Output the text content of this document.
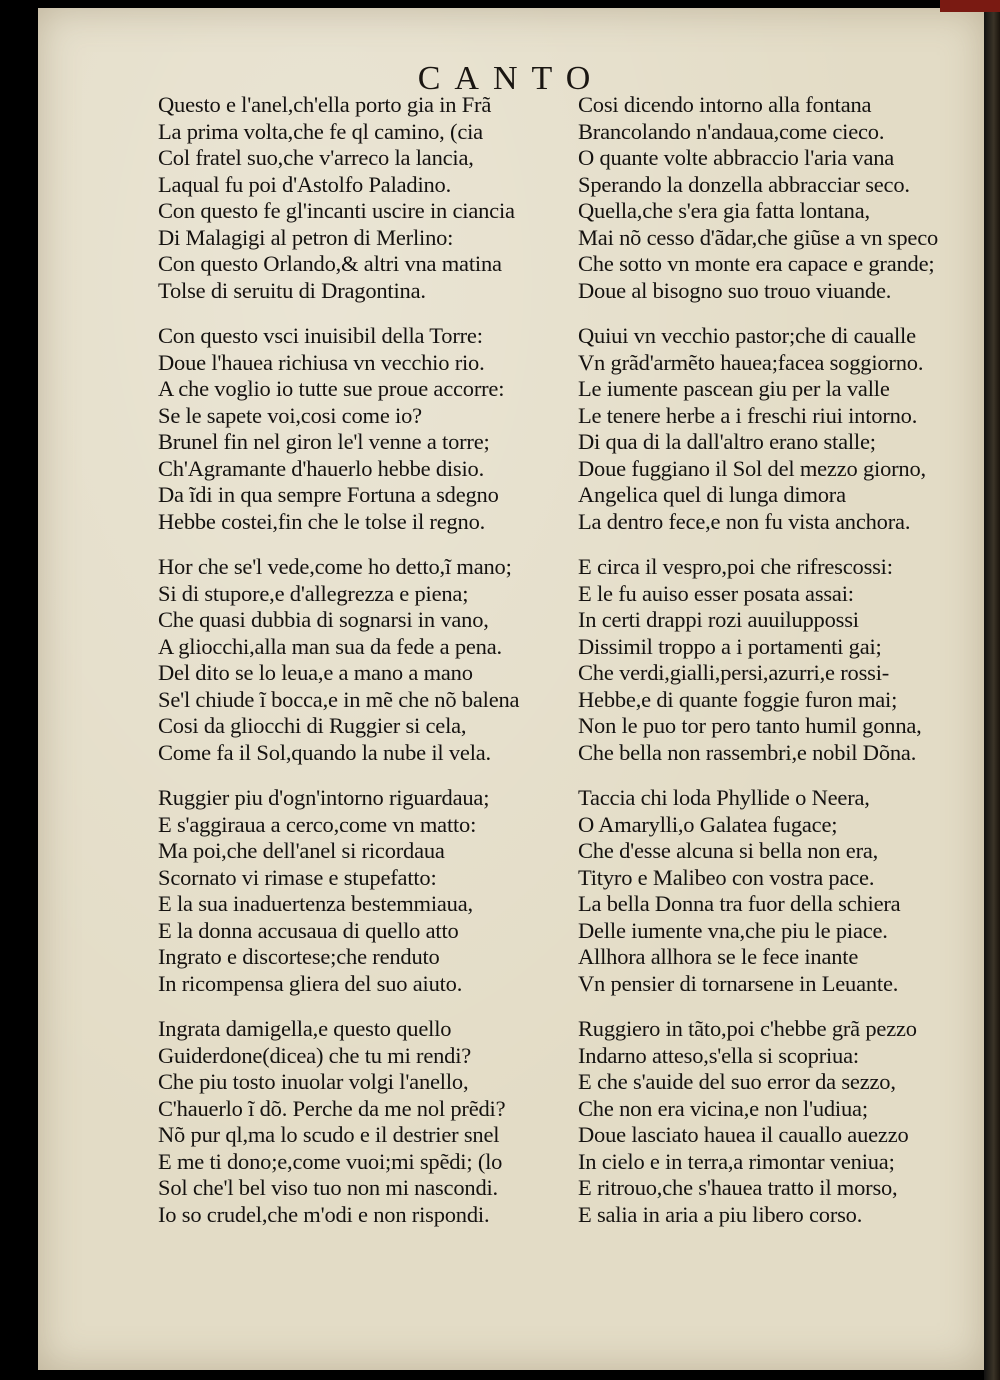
CANTO
Questo e l'anel,ch'ella porto gia in Frã
La prima volta,che fe ql camino, (cia
Col fratel suo,che v'arreco la lancia,
Laqual fu poi d'Astolfo Paladino.
Con questo fe gl'incanti uscire in ciancia
Di Malagigi al petron di Merlino:
Con questo Orlando,& altri vna matina
Tolse di seruitu di Dragontina.
Con questo vsci inuisibil della Torre:
Doue l'hauea richiusa vn vecchio rio.
A che voglio io tutte sue proue accorre:
Se le sapete voi,cosi come io?
Brunel fin nel giron le'l venne a torre;
Ch'Agramante d'hauerlo hebbe disio.
Da ĩdi in qua sempre Fortuna a sdegno
Hebbe costei,fin che le tolse il regno.
Hor che se'l vede,come ho detto,ĩ mano;
Si di stupore,e d'allegrezza e piena;
Che quasi dubbia di sognarsi in vano,
A gliocchi,alla man sua da fede a pena.
Del dito se lo leua,e a mano a mano
Se'l chiude ĩ bocca,e in mẽ che nõ balena
Cosi da gliocchi di Ruggier si cela,
Come fa il Sol,quando la nube il vela.
Ruggier piu d'ogn'intorno riguardaua;
E s'aggiraua a cerco,come vn matto:
Ma poi,che dell'anel si ricordaua
Scornato vi rimase e stupefatto:
E la sua inaduertenza bestemmiaua,
E la donna accusaua di quello atto
Ingrato e discortese;che renduto
In ricompensa gliera del suo aiuto.
Ingrata damigella,e questo quello
Guiderdone(dicea) che tu mi rendi?
Che piu tosto inuolar volgi l'anello,
C'hauerlo ĩ dõ. Perche da me nol prẽdi?
Nõ pur ql,ma lo scudo e il destrier snel
E me ti dono;e,come vuoi;mi spẽdi; (lo
Sol che'l bel viso tuo non mi nascondi.
Io so crudel,che m'odi e non rispondi.
Cosi dicendo intorno alla fontana
Brancolando n'andaua,come cieco.
O quante volte abbraccio l'aria vana
Sperando la donzella abbracciar seco.
Quella,che s'era gia fatta lontana,
Mai nõ cesso d'ãdar,che giũse a vn speco
Che sotto vn monte era capace e grande;
Doue al bisogno suo trouo viuande.
Quiui vn vecchio pastor;che di caualle
Vn grãd'armẽto hauea;facea soggiorno.
Le iumente pascean giu per la valle
Le tenere herbe a i freschi riui intorno.
Di qua di la dall'altro erano stalle;
Doue fuggiano il Sol del mezzo giorno,
Angelica quel di lunga dimora
La dentro fece,e non fu vista anchora.
E circa il vespro,poi che rifrescossi:
E le fu auiso esser posata assai:
In certi drappi rozi auuiluppossi
Dissimil troppo a i portamenti gai;
Che verdi,gialli,persi,azurri,e rossi-
Hebbe,e di quante foggie furon mai;
Non le puo tor pero tanto humil gonna,
Che bella non rassembri,e nobil Dõna.
Taccia chi loda Phyllide o Neera,
O Amarylli,o Galatea fugace;
Che d'esse alcuna si bella non era,
Tityro e Malibeo con vostra pace.
La bella Donna tra fuor della schiera
Delle iumente vna,che piu le piace.
Allhora allhora se le fece inante
Vn pensier di tornarsene in Leuante.
Ruggiero in tãto,poi c'hebbe grã pezzo
Indarno atteso,s'ella si scopriua:
E che s'auide del suo error da sezzo,
Che non era vicina,e non l'udiua;
Doue lasciato hauea il cauallo auezzo
In cielo e in terra,a rimontar veniua;
E ritrouo,che s'hauea tratto il morso,
E salia in aria a piu libero corso.
